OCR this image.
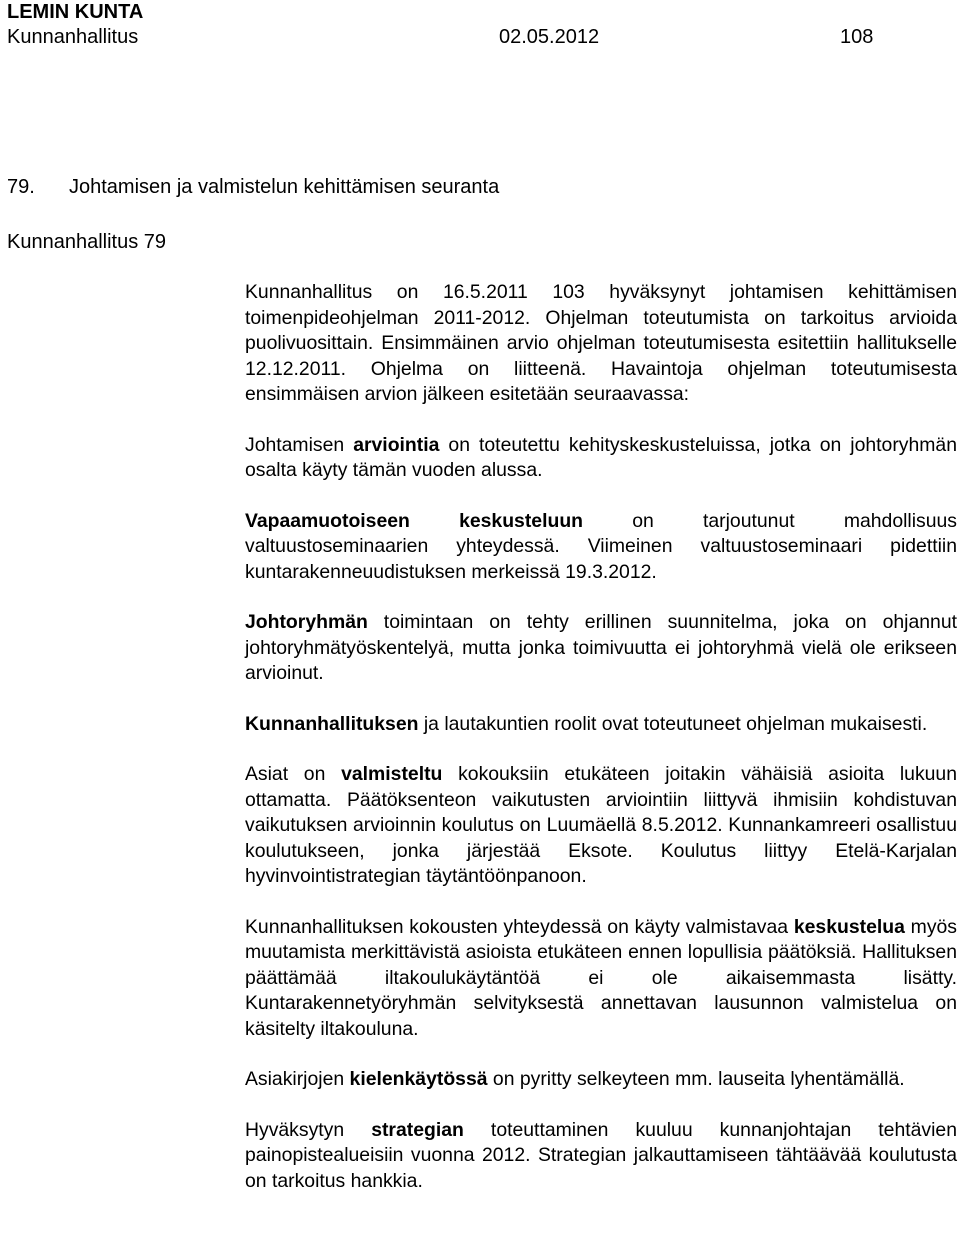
LEMIN KUNTA
Kunnanhallitus	02.05.2012	108
79. Johtamisen ja valmistelun kehittämisen seuranta
Kunnanhallitus 79

Kunnanhallitus on 16.5.2011 103 hyväksynyt johtamisen kehittämisen toimenpideohjelman 2011-2012. Ohjelman toteutumista on tarkoitus arvioida puolivuosittain. Ensimmäinen arvio ohjelman toteutumisesta esitettiin hallitukselle 12.12.2011. Ohjelma on liitteenä. Havaintoja ohjelman toteutumisesta ensimmäisen arvion jälkeen esitetään seuraavassa:

Johtamisen arviointia on toteutettu kehityskeskusteluissa, jotka on johtoryhmän osalta käyty tämän vuoden alussa.

Vapaamuotoiseen keskusteluun on tarjoutunut mahdollisuus valtuustoseminaarien yhteydessä. Viimeinen valtuustoseminaari pidettiin kuntarakenneuudistuksen merkeissä 19.3.2012.

Johtoryhmän toimintaan on tehty erillinen suunnitelma, joka on ohjannut johtoryhmätyöskentelyä, mutta jonka toimivuutta ei johtoryhmä vielä ole erikseen arvioinut.

Kunnanhallituksen ja lautakuntien roolit ovat toteutuneet ohjelman mukaisesti.

Asiat on valmisteltu kokouksiin etukäteen joitakin vähäisiä asioita lukuun ottamatta. Päätöksenteon vaikutusten arviointiin liittyvä ihmisiin kohdistuvan vaikutuksen arvioinnin koulutus on Luumäellä 8.5.2012. Kunnankamreeri osallistuu koulutukseen, jonka järjestää Eksote. Koulutus liittyy Etelä-Karjalan hyvinvointistrategian täytäntöönpanoon.

Kunnanhallituksen kokousten yhteydessä on käyty valmistavaa keskustelua myös muutamista merkittävistä asioista etukäteen ennen lopullisia päätöksiä. Hallituksen päättämää iltakoulukäytäntöä ei ole aikaisemmasta lisätty. Kuntarakennetyöryhmän selvityksestä annettavan lausunnon valmistelua on käsitelty iltakouluna.

Asiakirjojen kielenkäytössä on pyritty selkeyteen mm. lauseita lyhentämällä.

Hyväksytyn strategian toteuttaminen kuuluu kunnanjohtajan tehtävien painopistealueisiin vuonna 2012. Strategian jalkauttamiseen tähtäävää koulutusta on tarkoitus hankkia.
